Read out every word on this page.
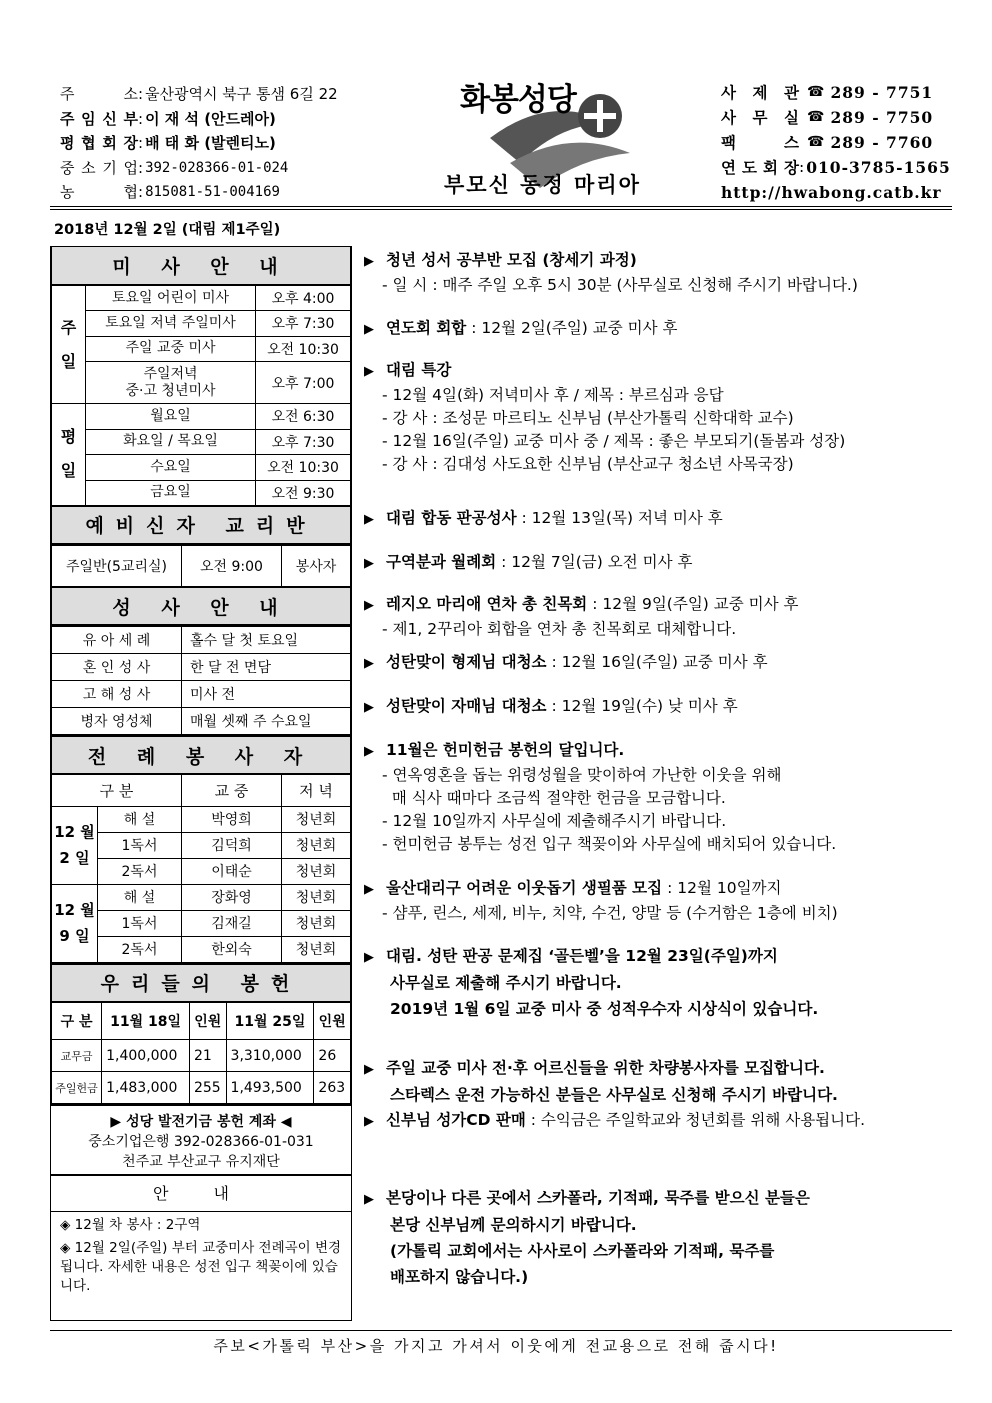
주	소 : 울산광역시 북구 통샘 6길 22
주 임 신 부 : 이 재 석 (안드레아)
평 협 회 장 : 배 태 화 (발렌티노)
중 소 기 업 : 392-028366-01-024
농	협 : 815081-51-004169
화봉성당
부모신 동정 마리아
사 제 관 ☎ 289 - 7751
사 무 실 ☎ 289 - 7750
팩	스 ☎ 289 - 7760
연 도 회 장 : 010-3785-1565
http://hwabong.catb.kr
2018년 12월 2일 (대림 제1주일)
미 사 안 내		
주
일	토요일 어린이 미사	오후 4:00
	토요일 저녁 주일미사	오후 7:30
	주일 교중 미사	오전 10:30
	주일저녁
중·고 청년미사	오후 7:00
평
일	월요일	오전 6:30
	화요일 / 목요일	오후 7:30
	수요일	오전 10:30
	금요일	오전 9:30
예비신자 교리반		
주일반(5교리실)	오전 9:00	봉사자
성 사 안 내
유 아 세 례	홀수 달 첫 토요일
혼 인 성 사	한 달 전 면담
고 해 성 사	미사 전
병자 영성체	매월 셋째 주 수요일
전 례 봉 사 자			
구 분		교 중	저 녁
12 월
2 일	해 설	박영희	청년회
	1독서	김덕희	청년회
	2독서	이태순	청년회
12 월
9 일	해 설	장화영	청년회
	1독서	김재길	청년회
	2독서	한외숙	청년회
우리들의 봉헌				
구 분	11월 18일	인원	11월 25일	인원
교무금	1,400,000	21	3,310,000	26
주일헌금	1,483,000	255	1,493,500	263
▶ 성당 발전기금 봉헌 계좌 ◀
중소기업은행 392-028366-01-031
천주교 부산교구 유지재단
안 내
◈ 12월 차 봉사 : 2구역
◈ 12월 2일(주일) 부터 교중미사 전례곡이 변경됩니다. 자세한 내용은 성전 입구 책꽂이에 있습니다.
▶ 청년 성서 공부반 모집 (창세기 과정)
- 일 시 : 매주 주일 오후 5시 30분 (사무실로 신청해 주시기 바랍니다.)
▶ 연도회 회합 : 12월 2일(주일) 교중 미사 후
▶ 대림 특강
- 12월 4일(화) 저녁미사 후 / 제목 : 부르심과 응답
- 강 사 : 조성문 마르티노 신부님 (부산가톨릭 신학대학 교수)
- 12월 16일(주일) 교중 미사 중 / 제목 : 좋은 부모되기(돌봄과 성장)
- 강 사 : 김대성 사도요한 신부님 (부산교구 청소년 사목국장)
▶ 대림 합동 판공성사 : 12월 13일(목) 저녁 미사 후
▶ 구역분과 월례회 : 12월 7일(금) 오전 미사 후
▶ 레지오 마리애 연차 총 친목회 : 12월 9일(주일) 교중 미사 후
- 제1, 2꾸리아 회합을 연차 총 친목회로 대체합니다.
▶ 성탄맞이 형제님 대청소 : 12월 16일(주일) 교중 미사 후
▶ 성탄맞이 자매님 대청소 : 12월 19일(수) 낮 미사 후
▶ 11월은 헌미헌금 봉헌의 달입니다.
- 연옥영혼을 돕는 위령성월을 맞이하여 가난한 이웃을 위해
매 식사 때마다 조금씩 절약한 헌금을 모금합니다.
- 12월 10일까지 사무실에 제출해주시기 바랍니다.
- 헌미헌금 봉투는 성전 입구 책꽂이와 사무실에 배치되어 있습니다.
▶ 울산대리구 어려운 이웃돕기 생필품 모집 : 12월 10일까지
- 샴푸, 린스, 세제, 비누, 치약, 수건, 양말 등 (수거함은 1층에 비치)
▶ 대림. 성탄 판공 문제집 ‘골든벨’을 12월 23일(주일)까지
사무실로 제출해 주시기 바랍니다.
2019년 1월 6일 교중 미사 중 성적우수자 시상식이 있습니다.
▶ 주일 교중 미사 전·후 어르신들을 위한 차량봉사자를 모집합니다.
스타렉스 운전 가능하신 분들은 사무실로 신청해 주시기 바랍니다.
▶ 신부님 성가CD 판매 : 수익금은 주일학교와 청년회를 위해 사용됩니다.
▶ 본당이나 다른 곳에서 스카폴라, 기적패, 묵주를 받으신 분들은
본당 신부님께 문의하시기 바랍니다.
(가톨릭 교회에서는 사사로이 스카폴라와 기적패, 묵주를
배포하지 않습니다.)
주보<가톨릭 부산>을 가지고 가셔서 이웃에게 전교용으로 전해 줍시다!
